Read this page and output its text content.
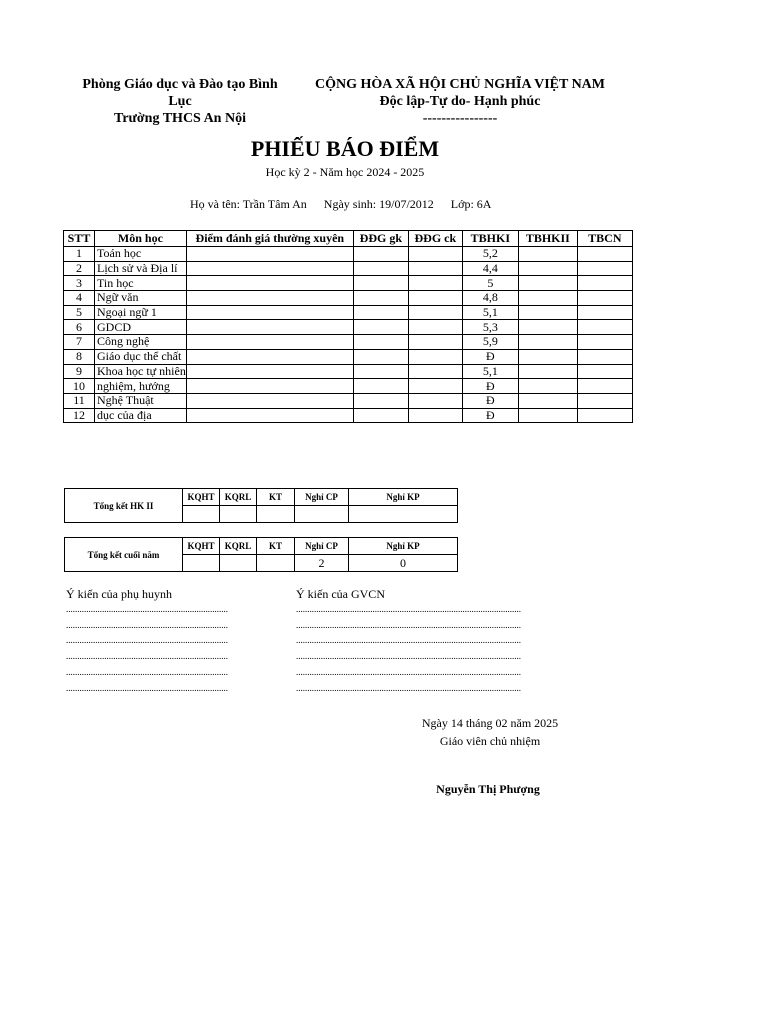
Phòng Giáo dục và Đào tạo Bình
Lục
Trường THCS An Nội
CỘNG HÒA XÃ HỘI CHỦ NGHĨA VIỆT NAM
Độc lập-Tự do- Hạnh phúc
----------------
PHIẾU BÁO ĐIỂM
Học kỳ 2 - Năm học 2024 - 2025
Họ và tên: Trần Tâm An Ngày sinh: 19/07/2012 Lớp: 6A
STT	Môn học	Điểm đánh giá thường xuyên	ĐĐG gk	ĐĐG ck	TBHKI	TBHKII	TBCN
1	Toán học				5,2		
2	Lịch sử và Địa lí				4,4		
3	Tin học				5		
4	Ngữ văn				4,8		
5	Ngoại ngữ 1				5,1		
6	GDCD				5,3		
7	Công nghệ				5,9		
8	Giáo dục thể chất				Đ		
9	Khoa học tự nhiên				5,1		
10	nghiệm, hướng				Đ		
11	Nghệ Thuật				Đ		
12	dục của địa				Đ		
Tổng kết HK II	KQHT	KQRL	KT	Nghỉ CP	Nghỉ KP

Tổng kết cuối năm	KQHT	KQRL	KT	Nghỉ CP	Nghỉ KP
				2	0
Ý kiến của phụ huynh	Ý kiến của GVCN
........................................................................
........................................................................
........................................................................
........................................................................
........................................................................
........................................................................
....................................................................................................
....................................................................................................
....................................................................................................
....................................................................................................
....................................................................................................
....................................................................................................
Ngày 14 tháng 02 năm 2025
Giáo viên chủ nhiệm
Nguyễn Thị Phượng
